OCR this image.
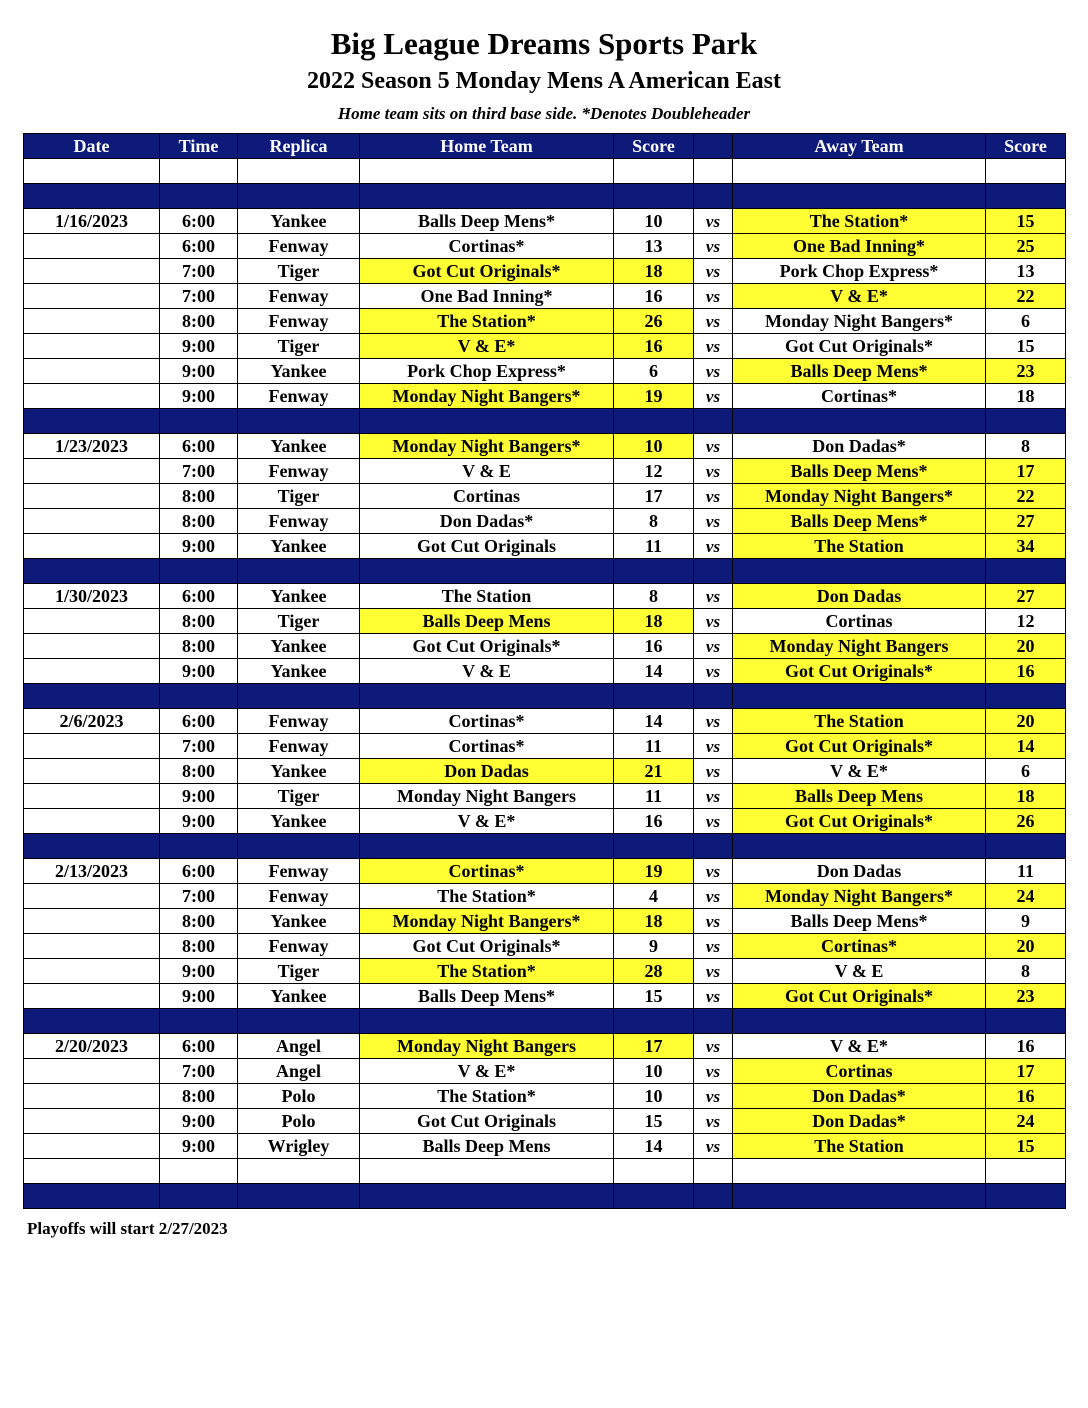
Big League Dreams Sports Park
2022 Season 5 Monday Mens A American East
Home team sits on third base side. *Denotes Doubleheader
Date	Time	Replica	Home Team	Score		Away Team	Score

1/16/2023	6:00	Yankee	Balls Deep Mens*	10	vs	The Station*	15
	6:00	Fenway	Cortinas*	13	vs	One Bad Inning*	25
	7:00	Tiger	Got Cut Originals*	18	vs	Pork Chop Express*	13
	7:00	Fenway	One Bad Inning*	16	vs	V & E*	22
	8:00	Fenway	The Station*	26	vs	Monday Night Bangers*	6
	9:00	Tiger	V & E*	16	vs	Got Cut Originals*	15
	9:00	Yankee	Pork Chop Express*	6	vs	Balls Deep Mens*	23
	9:00	Fenway	Monday Night Bangers*	19	vs	Cortinas*	18

1/23/2023	6:00	Yankee	Monday Night Bangers*	10	vs	Don Dadas*	8
	7:00	Fenway	V & E	12	vs	Balls Deep Mens*	17
	8:00	Tiger	Cortinas	17	vs	Monday Night Bangers*	22
	8:00	Fenway	Don Dadas*	8	vs	Balls Deep Mens*	27
	9:00	Yankee	Got Cut Originals	11	vs	The Station	34

1/30/2023	6:00	Yankee	The Station	8	vs	Don Dadas	27
	8:00	Tiger	Balls Deep Mens	18	vs	Cortinas	12
	8:00	Yankee	Got Cut Originals*	16	vs	Monday Night Bangers	20
	9:00	Yankee	V & E	14	vs	Got Cut Originals*	16

2/6/2023	6:00	Fenway	Cortinas*	14	vs	The Station	20
	7:00	Fenway	Cortinas*	11	vs	Got Cut Originals*	14
	8:00	Yankee	Don Dadas	21	vs	V & E*	6
	9:00	Tiger	Monday Night Bangers	11	vs	Balls Deep Mens	18
	9:00	Yankee	V & E*	16	vs	Got Cut Originals*	26

2/13/2023	6:00	Fenway	Cortinas*	19	vs	Don Dadas	11
	7:00	Fenway	The Station*	4	vs	Monday Night Bangers*	24
	8:00	Yankee	Monday Night Bangers*	18	vs	Balls Deep Mens*	9
	8:00	Fenway	Got Cut Originals*	9	vs	Cortinas*	20
	9:00	Tiger	The Station*	28	vs	V & E	8
	9:00	Yankee	Balls Deep Mens*	15	vs	Got Cut Originals*	23

2/20/2023	6:00	Angel	Monday Night Bangers	17	vs	V & E*	16
	7:00	Angel	V & E*	10	vs	Cortinas	17
	8:00	Polo	The Station*	10	vs	Don Dadas*	16
	9:00	Polo	Got Cut Originals	15	vs	Don Dadas*	24
	9:00	Wrigley	Balls Deep Mens	14	vs	The Station	15

Playoffs will start 2/27/2023
